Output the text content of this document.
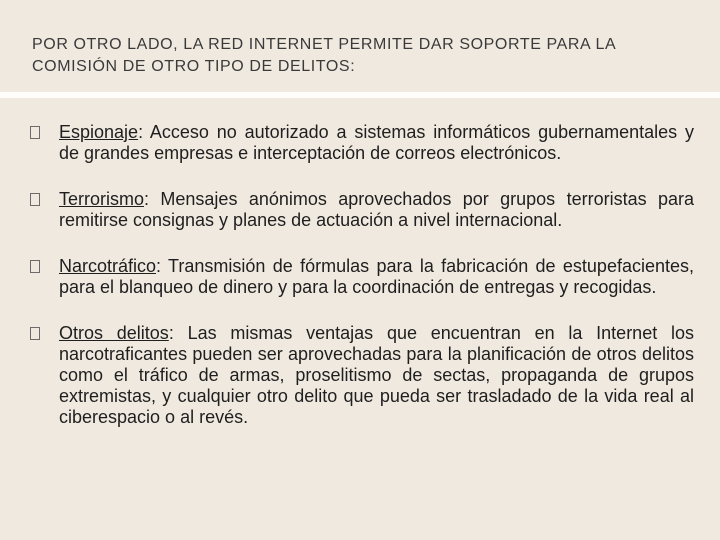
POR OTRO LADO, LA RED INTERNET PERMITE DAR SOPORTE PARA LA COMISIÓN DE OTRO TIPO DE DELITOS:
Espionaje: Acceso no autorizado a sistemas informáticos gubernamentales y de grandes empresas e interceptación de correos electrónicos.
Terrorismo: Mensajes anónimos aprovechados por grupos terroristas para remitirse consignas y planes de actuación a nivel internacional.
Narcotráfico: Transmisión de fórmulas para la fabricación de estupefacientes, para el blanqueo de dinero y para la coordinación de entregas y recogidas.
Otros delitos: Las mismas ventajas que encuentran en la Internet los narcotraficantes pueden ser aprovechadas para la planificación de otros delitos como el tráfico de armas, proselitismo de sectas, propaganda de grupos extremistas, y cualquier otro delito que pueda ser trasladado de la vida real al ciberespacio o al revés.
